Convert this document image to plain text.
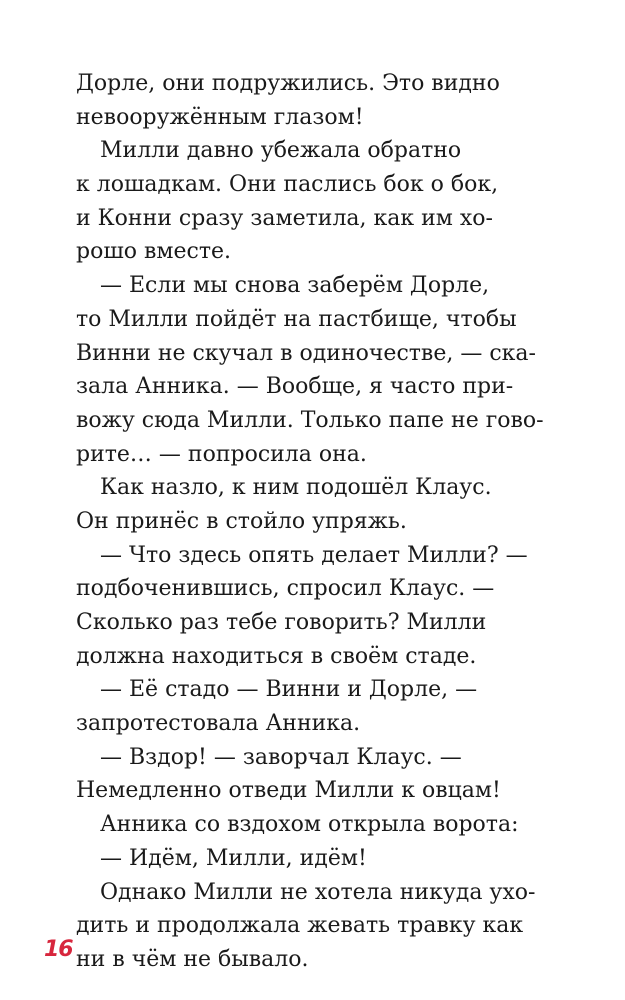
Дорле, они подружились. Это видно
невооружённым глазом!
Милли давно убежала обратно
к лошадкам. Они паслись бок о бок,
и Конни сразу заметила, как им хо-
рошо вместе.
— Если мы снова заберём Дорле,
то Милли пойдёт на пастбище, чтобы
Винни не скучал в одиночестве, — ска-
зала Анника. — Вообще, я часто при-
вожу сюда Милли. Только папе не гово-
рите… — попросила она.
Как назло, к ним подошёл Клаус.
Он принёс в стойло упряжь.
— Что здесь опять делает Милли? —
подбоченившись, спросил Клаус. —
Сколько раз тебе говорить? Милли
должна находиться в своём стаде.
— Её стадо — Винни и Дорле, —
запротестовала Анника.
— Вздор! — заворчал Клаус. —
Немедленно отведи Милли к овцам!
Анника со вздохом открыла ворота:
— Идём, Милли, идём!
Однако Милли не хотела никуда ухо-
дить и продолжала жевать травку как
ни в чём не бывало.
16
